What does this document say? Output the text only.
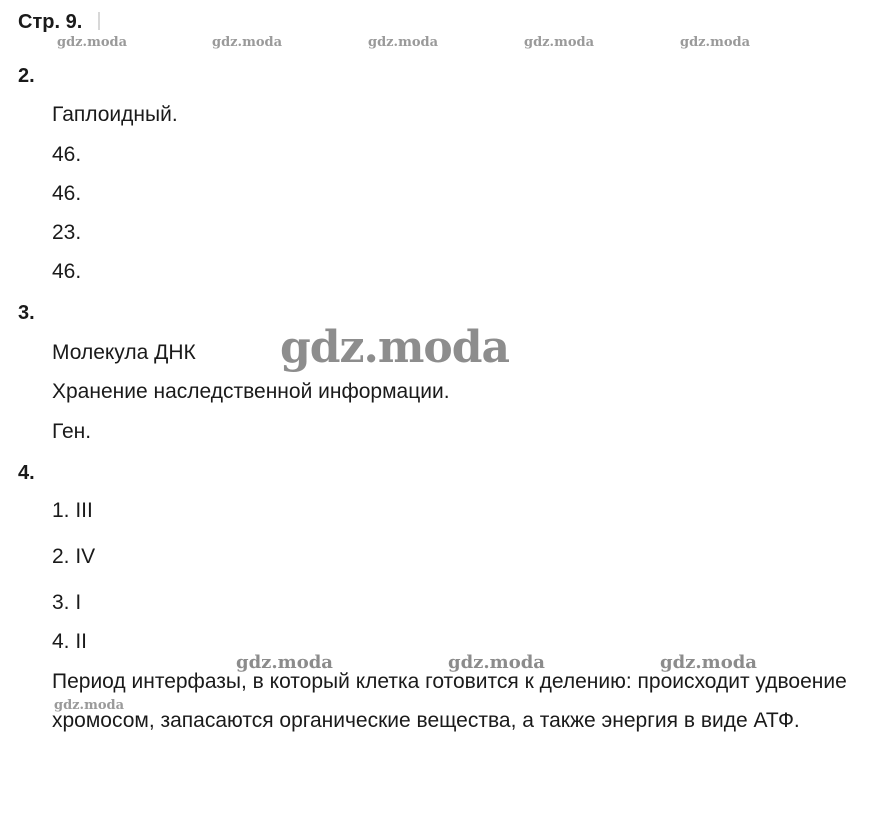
Стр. 9.
gdz.moda	gdz.moda	gdz.moda	gdz.moda	gdz.moda
2.
Гаплоидный.
46.
46.
23.
46.
3.
Молекула ДНК
Хранение наследственной информации.
Ген.
gdz.moda
4.
1. III
2. IV
3. I
4. II
gdz.moda	gdz.moda	gdz.moda
gdz.moda
Период интерфазы, в который клетка готовится к делению: происходит удвоение хромосом, запасаются органические вещества, а также энергия в виде АТФ.
